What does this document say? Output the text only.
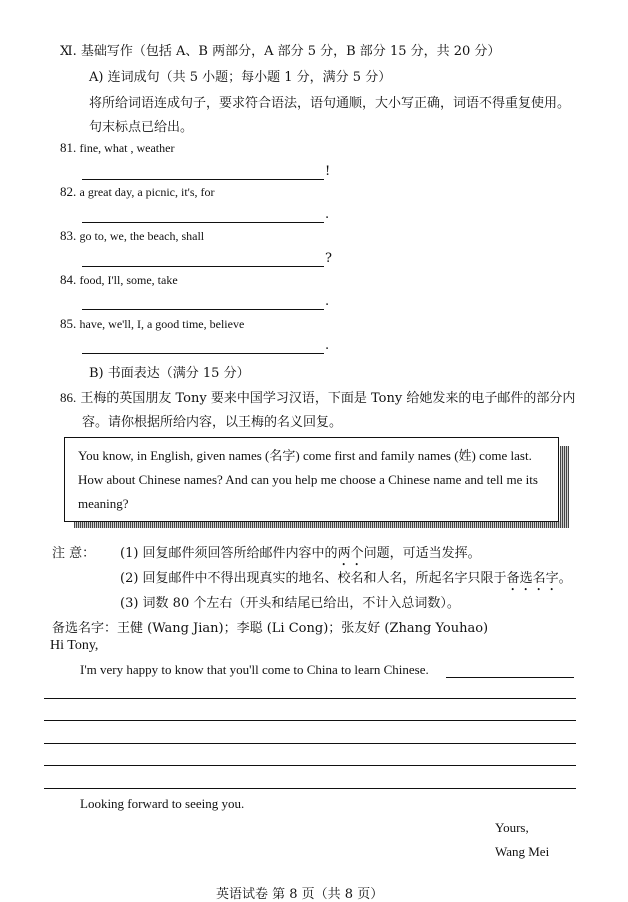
Ⅺ. 基础写作（包括 A、B 两部分，A 部分 5 分，B 部分 15 分，共 20 分）
A) 连词成句（共 5 小题；每小题 1 分，满分 5 分）
将所给词语连成句子，要求符合语法，语句通顺，大小写正确，词语不得重复使用。
句末标点已给出。
81. fine, what , weather
!
82. a great day, a picnic, it's, for
.
83. go to, we, the beach, shall
?
84. food, I'll, some, take
.
85. have, we'll, I, a good time, believe
.
B) 书面表达（满分 15 分）
86. 王梅的英国朋友 Tony 要来中国学习汉语，下面是 Tony 给她发来的电子邮件的部分内
容。请你根据所给内容，以王梅的名义回复。
You know, in English, given names (名字) come first and family names (姓) come last. How about Chinese names? And can you help me choose a Chinese name and tell me its meaning?
注 意： (1) 回复邮件须回答所给邮件内容中的两个问题，可适当发挥。
(2) 回复邮件中不得出现真实的地名、校名和人名，所起名字只限于备选名字。
(3) 词数 80 个左右（开头和结尾已给出，不计入总词数）。
备选名字：王健 (Wang Jian)；李聪 (Li Cong)；张友好 (Zhang Youhao)
Hi Tony,
I'm very happy to know that you'll come to China to learn Chinese.
Looking forward to seeing you.
Yours,
Wang Mei
英语试卷 第 8 页（共 8 页）
